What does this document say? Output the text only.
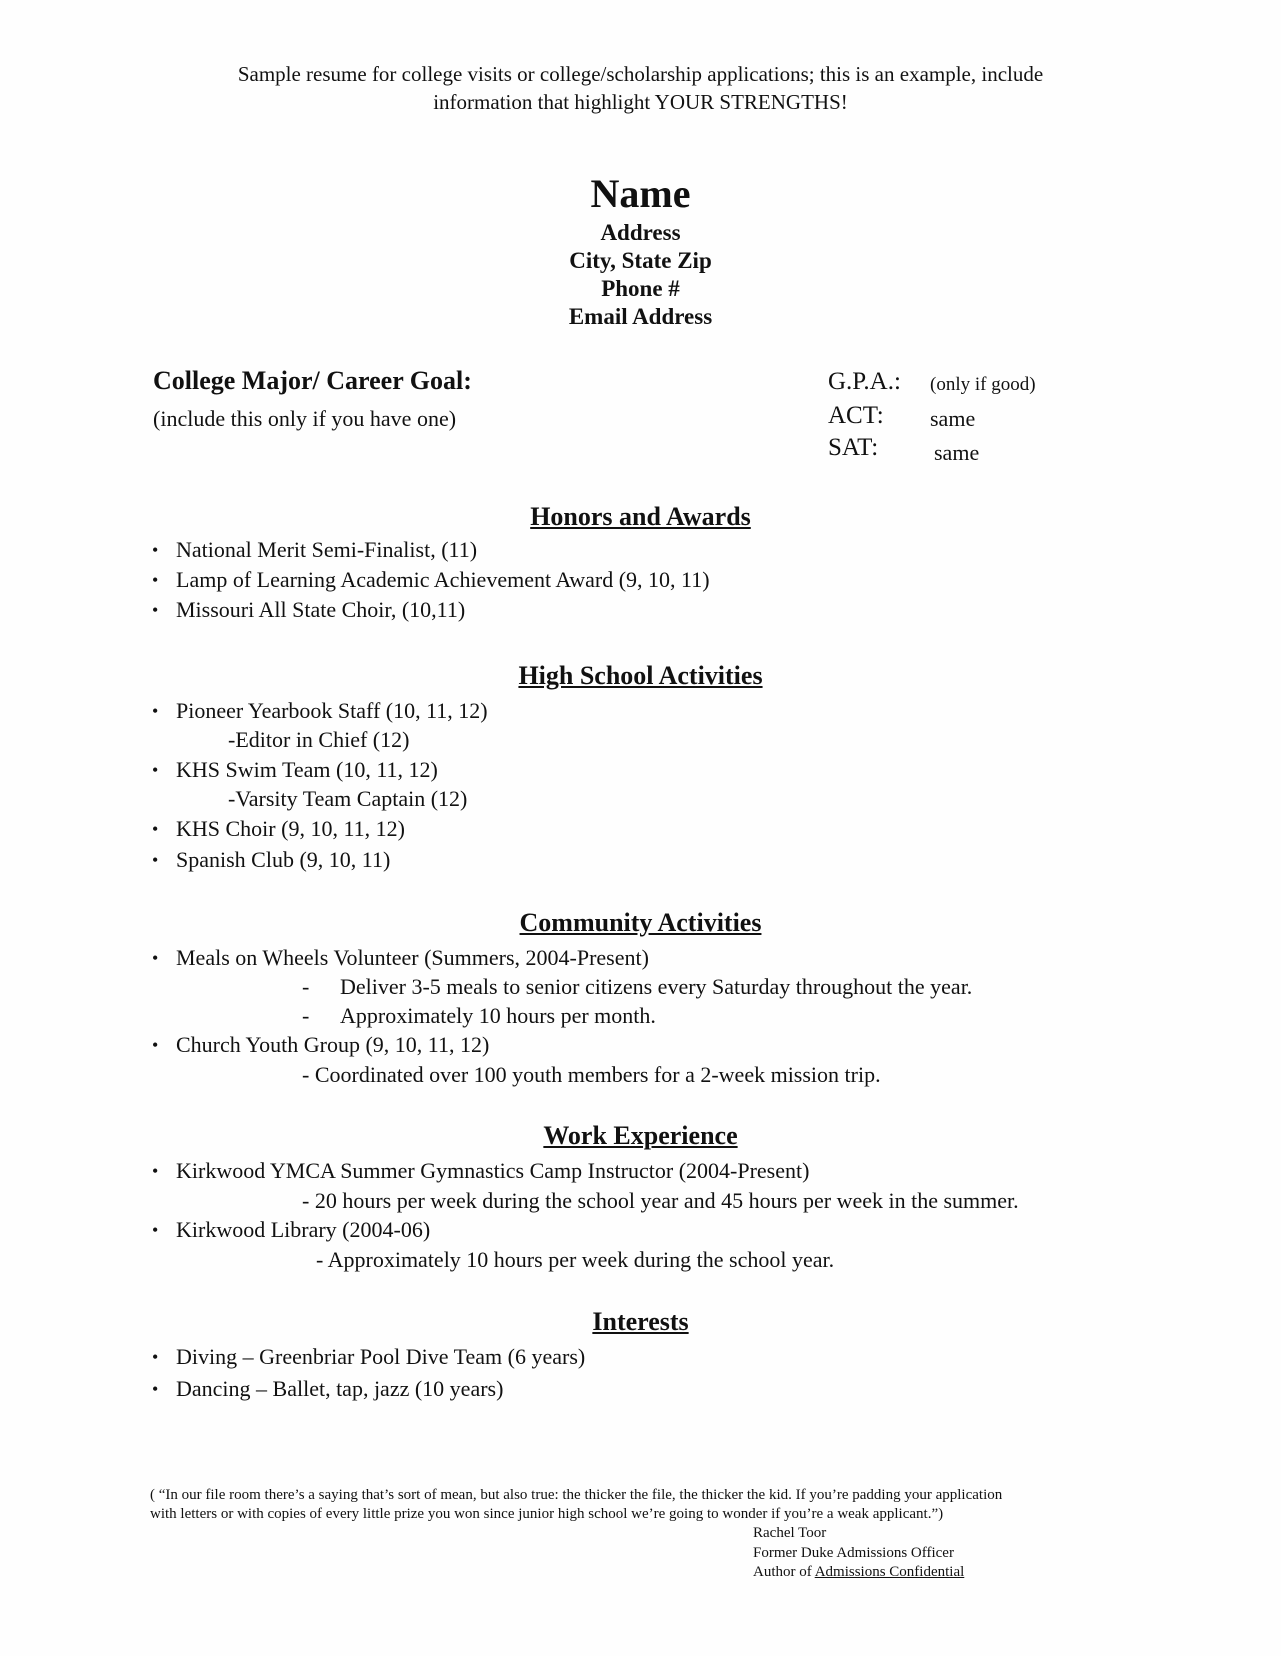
Sample resume for college visits or college/scholarship applications; this is an example, include
information that highlight YOUR STRENGTHS!
Name
Address
City, State Zip
Phone #
Email Address
College Major/ Career Goal:
(include this only if you have one)
G.P.A.: (only if good)
ACT: same
SAT:	same
Honors and Awards
• National Merit Semi-Finalist, (11)
• Lamp of Learning Academic Achievement Award (9, 10, 11)
• Missouri All State Choir, (10,11)
High School Activities
• Pioneer Yearbook Staff (10, 11, 12)
-Editor in Chief (12)
• KHS Swim Team (10, 11, 12)
-Varsity Team Captain (12)
• KHS Choir (9, 10, 11, 12)
• Spanish Club (9, 10, 11)
Community Activities
• Meals on Wheels Volunteer (Summers, 2004-Present)
- Deliver 3-5 meals to senior citizens every Saturday throughout the year.
- Approximately 10 hours per month.
• Church Youth Group (9, 10, 11, 12)
- Coordinated over 100 youth members for a 2-week mission trip.
Work Experience
• Kirkwood YMCA Summer Gymnastics Camp Instructor (2004-Present)
- 20 hours per week during the school year and 45 hours per week in the summer.
• Kirkwood Library (2004-06)
- Approximately 10 hours per week during the school year.
Interests
• Diving – Greenbriar Pool Dive Team (6 years)
• Dancing – Ballet, tap, jazz (10 years)
( “In our file room there’s a saying that’s sort of mean, but also true: the thicker the file, the thicker the kid. If you’re padding your application
with letters or with copies of every little prize you won since junior high school we’re going to wonder if you’re a weak applicant.”)
Rachel Toor
Former Duke Admissions Officer
Author of Admissions Confidential
